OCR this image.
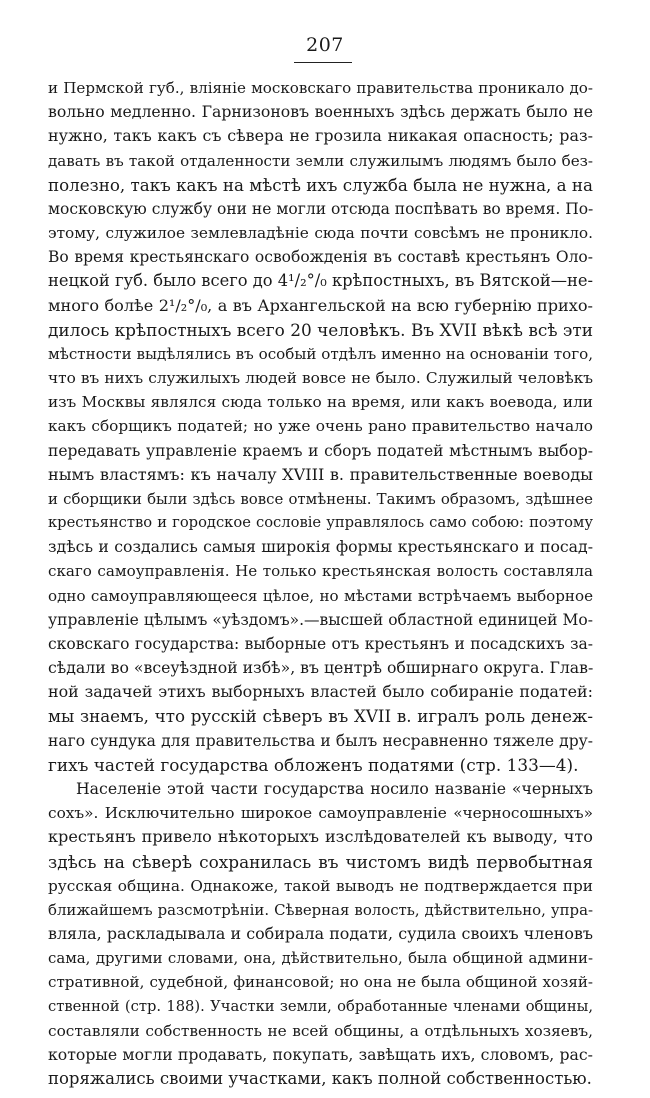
207
и Пермской губ., вліяніе московскаго правительства проникало до-
вольно медленно. Гарнизоновъ военныхъ здѣсь держать было не
нужно, такъ какъ съ сѣвера не грозила никакая опасность; раз-
давать въ такой отдаленности земли служилымъ людямъ было без-
полезно, такъ какъ на мѣстѣ ихъ служба была не нужна, а на
московскую службу они не могли отсюда поспѣвать во время. По-
этому, служилое землевладѣніе сюда почти совсѣмъ не проникло.
Во время крестьянскаго освобожденія въ составѣ крестьянъ Оло-
нецкой губ. было всего до 4¹/₂°/₀ крѣпостныхъ, въ Вятской—не-
много болѣе 2¹/₂°/₀, а въ Архангельской на всю губернію прихо-
дилось крѣпостныхъ всего 20 человѣкъ. Въ XVII вѣкѣ всѣ эти
мѣстности выдѣлялись въ особый отдѣлъ именно на основаніи того,
что въ нихъ служилыхъ людей вовсе не было. Служилый человѣкъ
изъ Москвы являлся сюда только на время, или какъ воевода, или
какъ сборщикъ податей; но уже очень рано правительство начало
передавать управленіе краемъ и сборъ податей мѣстнымъ выбор-
нымъ властямъ: къ началу XVIII в. правительственные воеводы
и сборщики были здѣсь вовсе отмѣнены. Такимъ образомъ, здѣшнее
крестьянство и городское сословіе управлялось само собою: поэтому
здѣсь и создались самыя широкія формы крестьянскаго и посад-
скаго самоуправленія. Не только крестьянская волость составляла
одно самоуправляющееся цѣлое, но мѣстами встрѣчаемъ выборное
управленіе цѣлымъ «уѣздомъ».—высшей областной единицей Мо-
сковскаго государства: выборные отъ крестьянъ и посадскихъ за-
сѣдали во «всеуѣздной избѣ», въ центрѣ обширнаго округа. Глав-
ной задачей этихъ выборныхъ властей было собираніе податей:
мы знаемъ, что русскій сѣверъ въ XVII в. игралъ роль денеж-
наго сундука для правительства и былъ несравненно тяжеле дру-
гихъ частей государства обложенъ податями (стр. 133—4).
Населеніе этой части государства носило названіе «черныхъ
сохъ». Исключительно широкое самоуправленіе «черносошныхъ»
крестьянъ привело нѣкоторыхъ изслѣдователей къ выводу, что
здѣсь на сѣверѣ сохранилась въ чистомъ видѣ первобытная
русская община. Однакоже, такой выводъ не подтверждается при
ближайшемъ разсмотрѣніи. Сѣверная волость, дѣйствительно, упра-
вляла, раскладывала и собирала подати, судила своихъ членовъ
сама, другими словами, она, дѣйствительно, была общиной админи-
стративной, судебной, финансовой; но она не была общиной хозяй-
ственной (стр. 188). Участки земли, обработанные членами общины,
составляли собственность не всей общины, а отдѣльныхъ хозяевъ,
которые могли продавать, покупать, завѣщать ихъ, словомъ, рас-
поряжались своими участками, какъ полной собственностью.
